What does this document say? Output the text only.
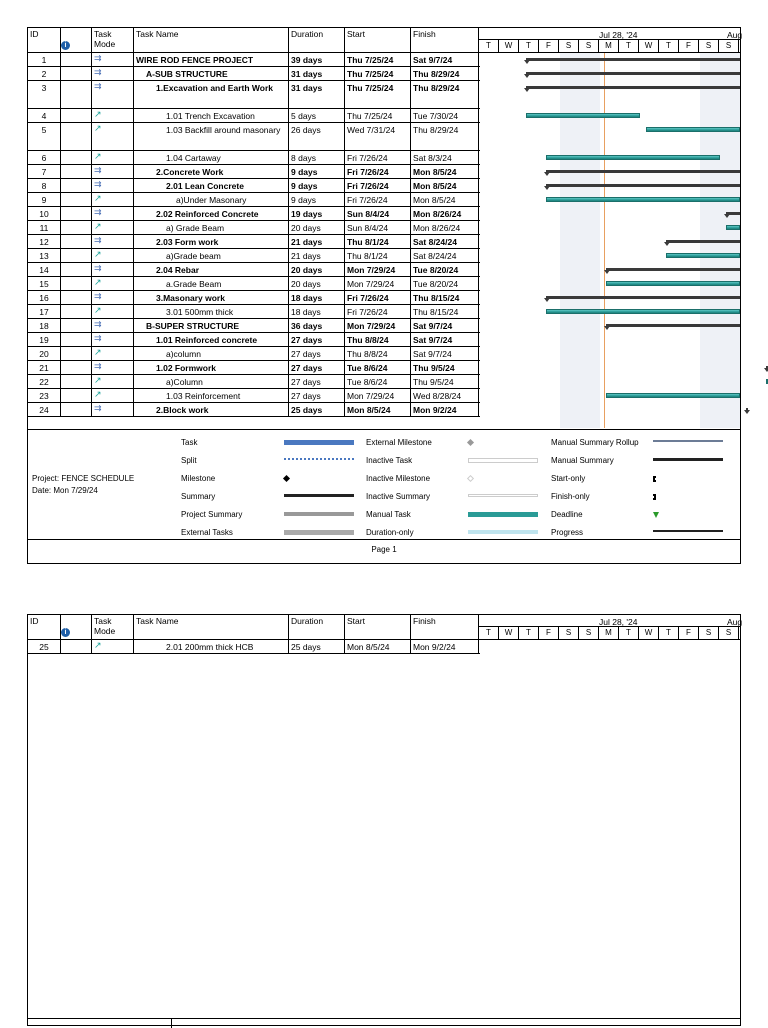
ID
i
Task Mode
Task Name	Duration	Start	Finish	Jul 28, '24	Aug
T	W	T	F	S	S	M	T	W	T	F	S	S
1	⇉	WIRE ROD FENCE PROJECT	39 days	Thu 7/25/24	Sat 9/7/24
2	⇉	A-SUB STRUCTURE	31 days	Thu 7/25/24	Thu 8/29/24
3	⇉	1.Excavation and Earth Work	31 days	Thu 7/25/24	Thu 8/29/24
4	↗	1.01 Trench Excavation	5 days	Thu 7/25/24	Tue 7/30/24
5	↗	1.03 Backfill around masonary	26 days	Wed 7/31/24	Thu 8/29/24
6	↗	1.04 Cartaway	8 days	Fri 7/26/24	Sat 8/3/24
7	⇉	2.Concrete Work	9 days	Fri 7/26/24	Mon 8/5/24
8	⇉	2.01 Lean Concrete	9 days	Fri 7/26/24	Mon 8/5/24
9	↗	a)Under Masonary	9 days	Fri 7/26/24	Mon 8/5/24
10	⇉	2.02 Reinforced Concrete	19 days	Sun 8/4/24	Mon 8/26/24
11	↗	a) Grade Beam	20 days	Sun 8/4/24	Mon 8/26/24
12	⇉	2.03 Form work	21 days	Thu 8/1/24	Sat 8/24/24
13	↗	a)Grade beam	21 days	Thu 8/1/24	Sat 8/24/24
14	⇉	2.04 Rebar	20 days	Mon 7/29/24	Tue 8/20/24
15	↗	a.Grade Beam	20 days	Mon 7/29/24	Tue 8/20/24
16	⇉	3.Masonary work	18 days	Fri 7/26/24	Thu 8/15/24
17	↗	3.01 500mm thick	18 days	Fri 7/26/24	Thu 8/15/24
18	⇉	B-SUPER STRUCTURE	36 days	Mon 7/29/24	Sat 9/7/24
19	⇉	1.01 Reinforced concrete	27 days	Thu 8/8/24	Sat 9/7/24
20	↗	a)column	27 days	Thu 8/8/24	Sat 9/7/24
21	⇉	1.02 Formwork	27 days	Tue 8/6/24	Thu 9/5/24
22	↗	a)Column	27 days	Tue 8/6/24	Thu 9/5/24
23	↗	1.03 Reinforcement	27 days	Mon 7/29/24	Wed 8/28/24
24	⇉	2.Block work	25 days	Mon 8/5/24	Mon 9/2/24
Project: FENCE SCHEDULE
Date: Mon 7/29/24
Task
Split
Milestone
Summary
Project Summary
External Tasks
External Milestone
Inactive Task
Inactive Milestone
Inactive Summary
Manual Task
Duration-only
Manual Summary Rollup
Manual Summary
Start-only
Finish-only
Deadline
Progress
Page 1
ID
i
Task Mode
Task Name	Duration	Start	Finish	Jul 28, '24	Aug
T	W	T	F	S	S	M	T	W	T	F	S	S
25	↗	2.01 200mm thick HCB	25 days	Mon 8/5/24	Mon 9/2/24
